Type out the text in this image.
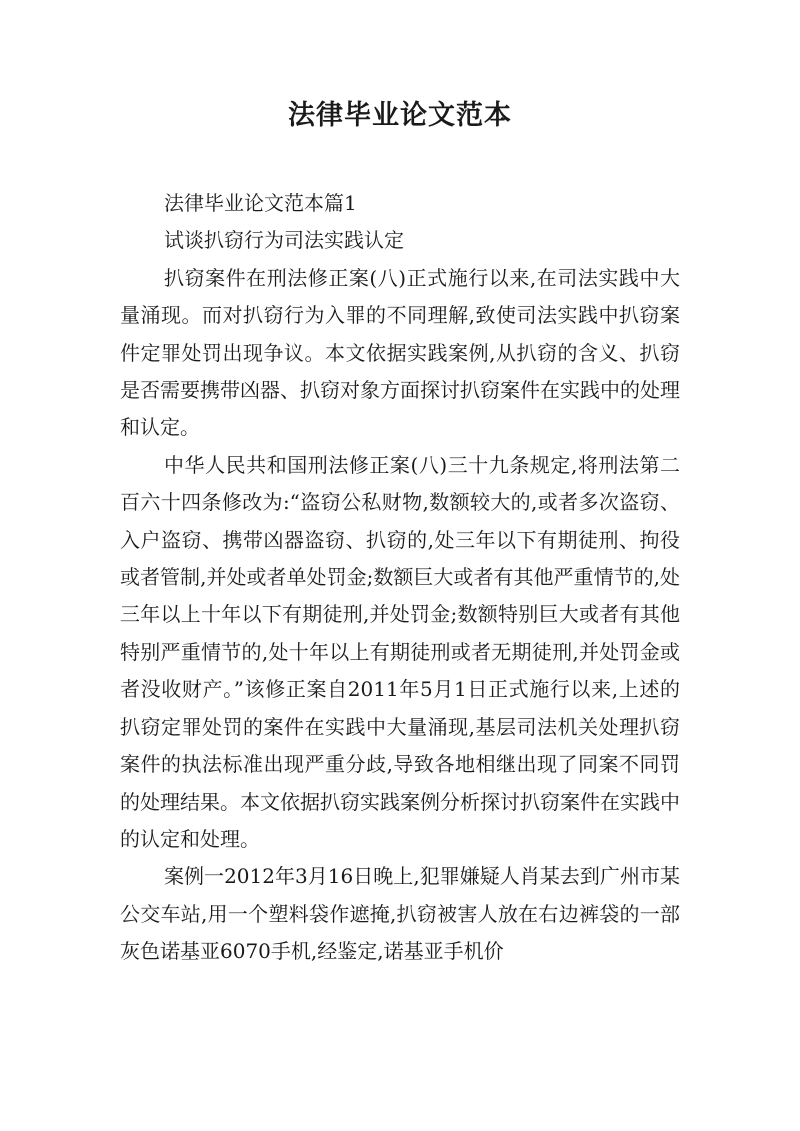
法律毕业论文范本

法律毕业论文范本篇1

试谈扒窃行为司法实践认定

扒窃案件在刑法修正案(八)正式施行以来,在司法实践中大量涌现。而对扒窃行为入罪的不同理解,致使司法实践中扒窃案件定罪处罚出现争议。本文依据实践案例,从扒窃的含义、扒窃是否需要携带凶器、扒窃对象方面探讨扒窃案件在实践中的处理和认定。

中华人民共和国刑法修正案(八)三十九条规定,将刑法第二百六十四条修改为:“盗窃公私财物,数额较大的,或者多次盗窃、入户盗窃、携带凶器盗窃、扒窃的,处三年以下有期徒刑、拘役或者管制,并处或者单处罚金;数额巨大或者有其他严重情节的,处三年以上十年以下有期徒刑,并处罚金;数额特别巨大或者有其他特别严重情节的,处十年以上有期徒刑或者无期徒刑,并处罚金或者没收财产。”该修正案自2011年5月1日正式施行以来,上述的扒窃定罪处罚的案件在实践中大量涌现,基层司法机关处理扒窃案件的执法标准出现严重分歧,导致各地相继出现了同案不同罚的处理结果。本文依据扒窃实践案例分析探讨扒窃案件在实践中的认定和处理。

案例一2012年3月16日晚上,犯罪嫌疑人肖某去到广州市某公交车站,用一个塑料袋作遮掩,扒窃被害人放在右边裤袋的一部灰色诺基亚6070手机,经鉴定,诺基亚手机价
